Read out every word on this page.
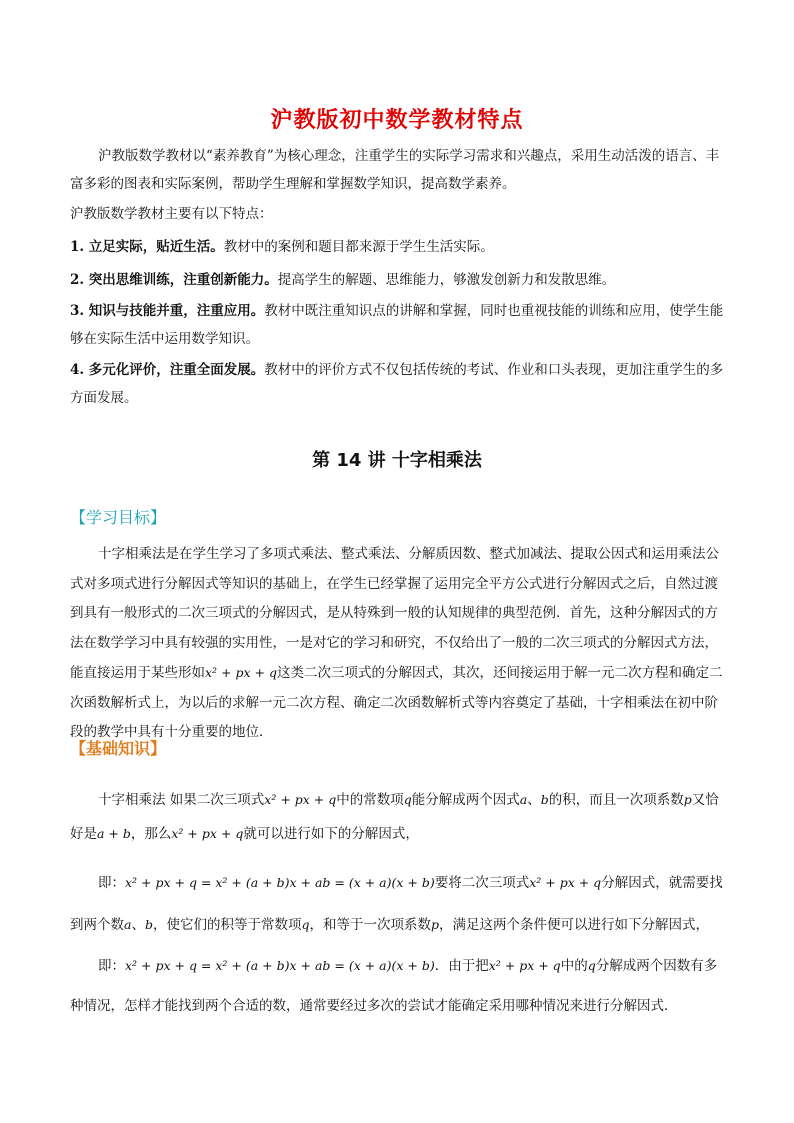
沪教版初中数学教材特点

沪教版数学教材以“素养教育”为核心理念，注重学生的实际学习需求和兴趣点，采用生动活泼的语言、丰富多彩的图表和实际案例，帮助学生理解和掌握数学知识，提高数学素养。

沪教版数学教材主要有以下特点：

1. 立足实际，贴近生活。教材中的案例和题目都来源于学生生活实际。

2. 突出思维训练，注重创新能力。提高学生的解题、思维能力，够激发创新力和发散思维。

3. 知识与技能并重，注重应用。教材中既注重知识点的讲解和掌握，同时也重视技能的训练和应用，使学生能够在实际生活中运用数学知识。

4. 多元化评价，注重全面发展。教材中的评价方式不仅包括传统的考试、作业和口头表现，更加注重学生的多方面发展。

第 14 讲 十字相乘法
【学习目标】

十字相乘法是在学生学习了多项式乘法、整式乘法、分解质因数、整式加减法、提取公因式和运用乘法公式对多项式进行分解因式等知识的基础上，在学生已经掌握了运用完全平方公式进行分解因式之后，自然过渡到具有一般形式的二次三项式的分解因式，是从特殊到一般的认知规律的典型范例．首先，这种分解因式的方法在数学学习中具有较强的实用性，一是对它的学习和研究，不仅给出了一般的二次三项式的分解因式方法，能直接运用于某些形如x² + px + q这类二次三项式的分解因式，其次，还间接运用于解一元二次方程和确定二次函数解析式上，为以后的求解一元二次方程、确定二次函数解析式等内容奠定了基础，十字相乘法在初中阶段的教学中具有十分重要的地位．

【基础知识】

十字相乘法 如果二次三项式x² + px + q中的常数项q能分解成两个因式a、b的积，而且一次项系数p又恰好是a + b，那么x² + px + q就可以进行如下的分解因式，

即：x² + px + q = x² + (a + b)x + ab = (x + a)(x + b)要将二次三项式x² + px + q分解因式，就需要找到两个数a、b，使它们的积等于常数项q，和等于一次项系数p，满足这两个条件便可以进行如下分解因式，

即：x² + px + q = x² + (a + b)x + ab = (x + a)(x + b)．由于把x² + px + q中的q分解成两个因数有多种情况，怎样才能找到两个合适的数，通常要经过多次的尝试才能确定采用哪种情况来进行分解因式．
